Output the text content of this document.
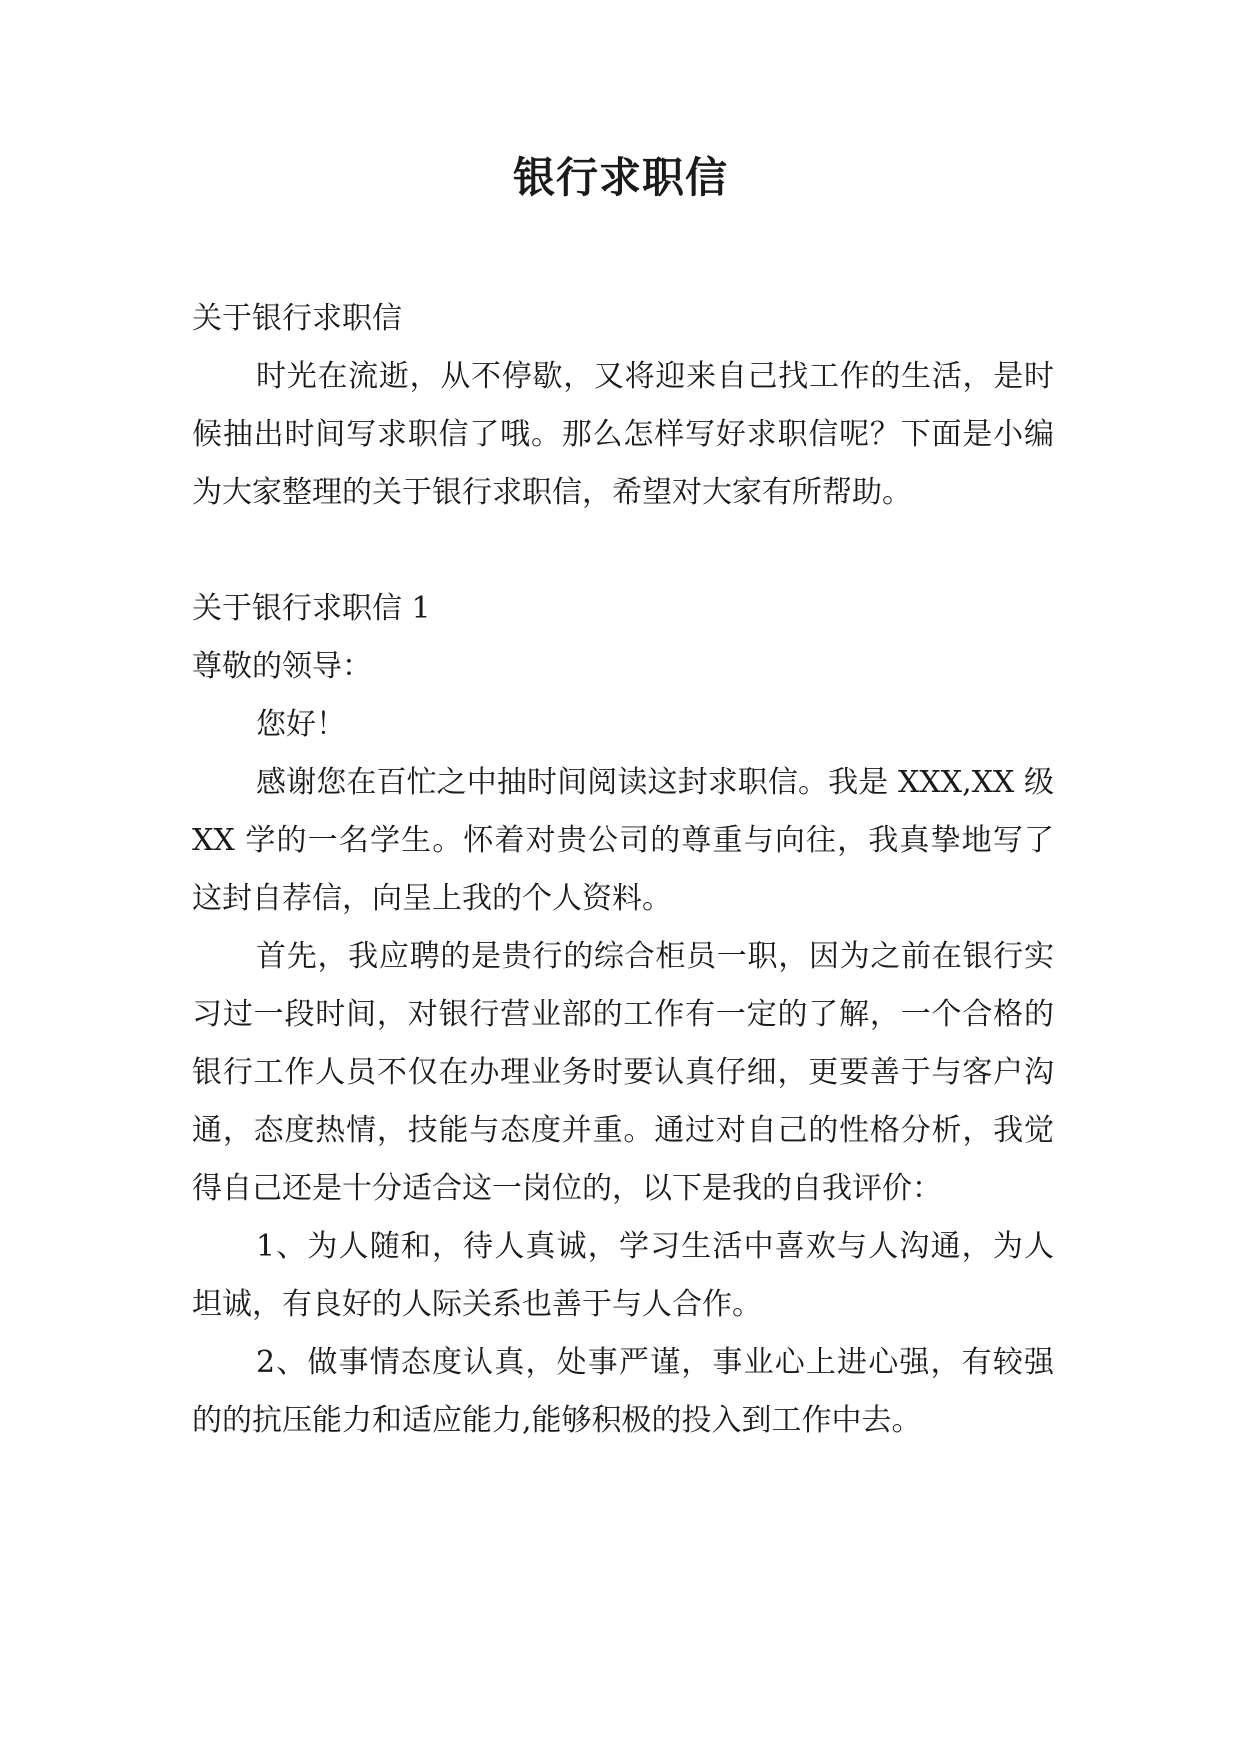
银行求职信

关于银行求职信

时光在流逝，从不停歇，又将迎来自己找工作的生活，是时候抽出时间写求职信了哦。那么怎样写好求职信呢？下面是小编为大家整理的关于银行求职信，希望对大家有所帮助。

关于银行求职信 1

尊敬的领导：

您好！

感谢您在百忙之中抽时间阅读这封求职信。我是 XXX,XX 级 XX 学的一名学生。怀着对贵公司的尊重与向往，我真挚地写了这封自荐信，向呈上我的个人资料。

首先，我应聘的是贵行的综合柜员一职，因为之前在银行实习过一段时间，对银行营业部的工作有一定的了解，一个合格的银行工作人员不仅在办理业务时要认真仔细，更要善于与客户沟通，态度热情，技能与态度并重。通过对自己的性格分析，我觉得自己还是十分适合这一岗位的，以下是我的自我评价：

1、为人随和，待人真诚，学习生活中喜欢与人沟通，为人坦诚，有良好的人际关系也善于与人合作。

2、做事情态度认真，处事严谨，事业心上进心强，有较强的的抗压能力和适应能力,能够积极的投入到工作中去。
